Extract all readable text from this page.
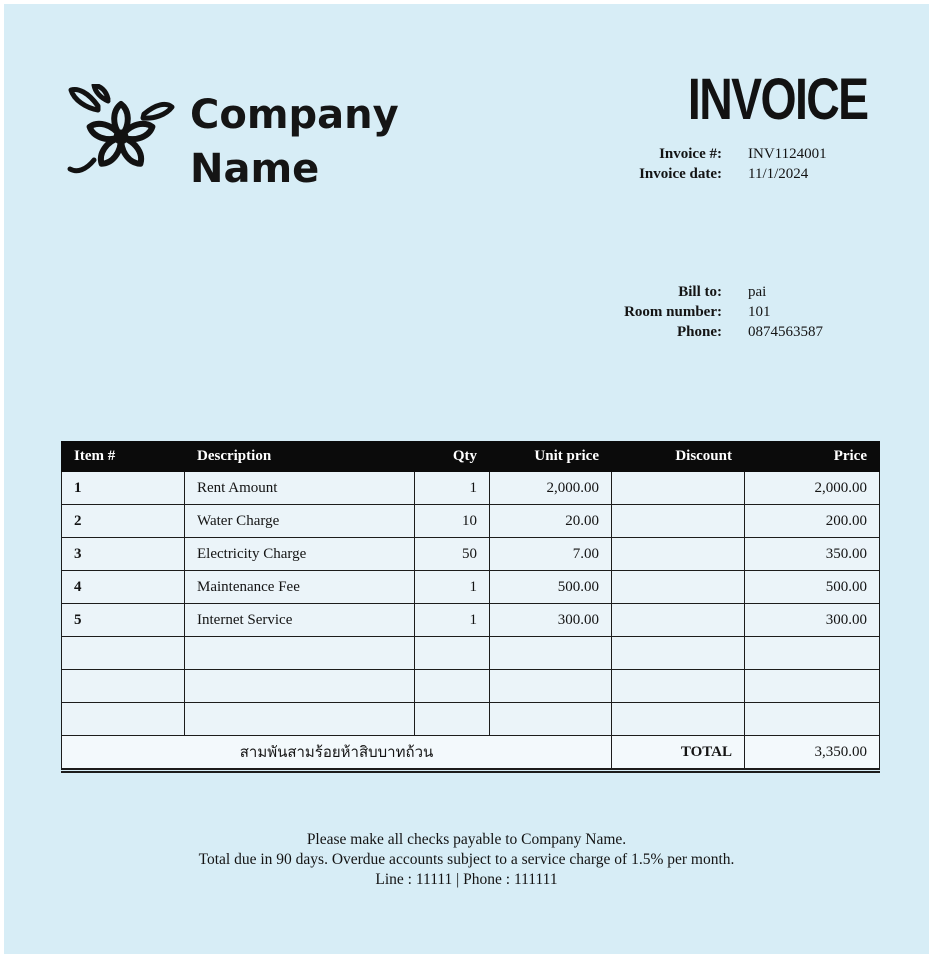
Company
Name
INVOICE
Invoice #: INV1124001
Invoice date: 11/1/2024
Bill to: pai
Room number: 101
Phone: 0874563587
Item #	Description	Qty	Unit price	Discount	Price
1	Rent Amount	1	2,000.00		2,000.00
2	Water Charge	10	20.00		200.00
3	Electricity Charge	50	7.00		350.00
4	Maintenance Fee	1	500.00		500.00
5	Internet Service	1	300.00		300.00

สามพันสามร้อยห้าสิบบาทถ้วน				TOTAL	3,350.00
Please make all checks payable to Company Name.
Total due in 90 days. Overdue accounts subject to a service charge of 1.5% per month.
Line : 11111 | Phone : 111111
